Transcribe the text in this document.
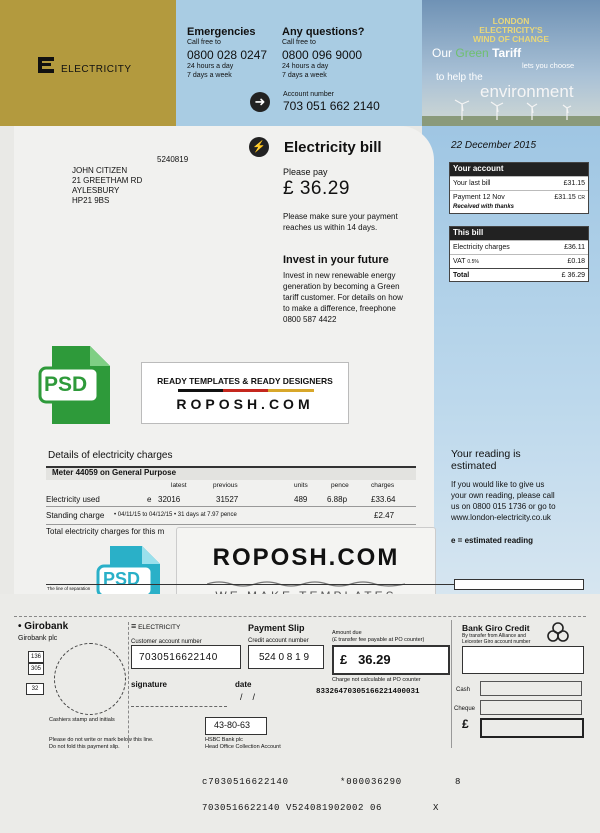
ELECTRICITY
Emergencies
Call free to
0800 028 0247
24 hours a day
7 days a week
Any questions?
Call free to
0800 096 9000
24 hours a day
7 days a week
➜	Account number
703 051 662 2140
LONDON
ELECTRICITY'S
WIND OF CHANGE
Our Green Tariff
lets you choose
to help the
environment
22 December 2015
Your account
Your last bill	£31.15
Payment 12 Nov	£31.15 CR
Received with thanks
This bill
Electricity charges	£36.11
VAT 0.5%	£0.18
Total	£ 36.29
Your reading is
estimated
If you would like to give us
your own reading, please call
us on 0800 015 1736 or go to
www.london-electricity.co.uk
e = estimated reading
5240819
JOHN CITIZEN
21 GREETHAM RD
AYLESBURY
HP21 9BS
⚡ Electricity bill
Please pay
£ 36.29
Please make sure your payment
reaches us within 14 days.
Invest in your future
Invest in new renewable energy
generation by becoming a Green
tariff customer. For details on how
to make a difference, freephone
0800 587 4422
PSD	READY TEMPLATES & READY DESIGNERS
ROPOSH.COM
Details of electricity charges
Meter 44059 on General Purpose
latest	previous	units	pence	charges
Electricity used	e 32016	31527	489 6.88p	£33.64
Standing charge • 04/11/15 to 04/12/15 • 31 days at 7.97 pence	£2.47
Total electricity charges for this m
PSD
ROPOSH.COM
The line of separation
• Girobank
Girobank plc
136
305
32
Cashiers stamp and initials
Please do not write or mark below this line.
Do not fold this payment slip.
≡ ELECTRICITY
Customer account number
7030516622140
Payment Slip
Credit account number
524 0 8 1 9
Amount due
(£ transfer fee payable at PO counter)
£   36.29
Charge not calculable at PO counter
83326470305166221400031
signature	date
/    /
43-80-63
HSBC Bank plc
Head Office Collection Account
Bank Giro Credit
By transfer from Alliance and
Leicester Giro account number
Cash
Cheque
£
c7030516622140	*000036290	8
7030516622140 V524081902002 06	X
